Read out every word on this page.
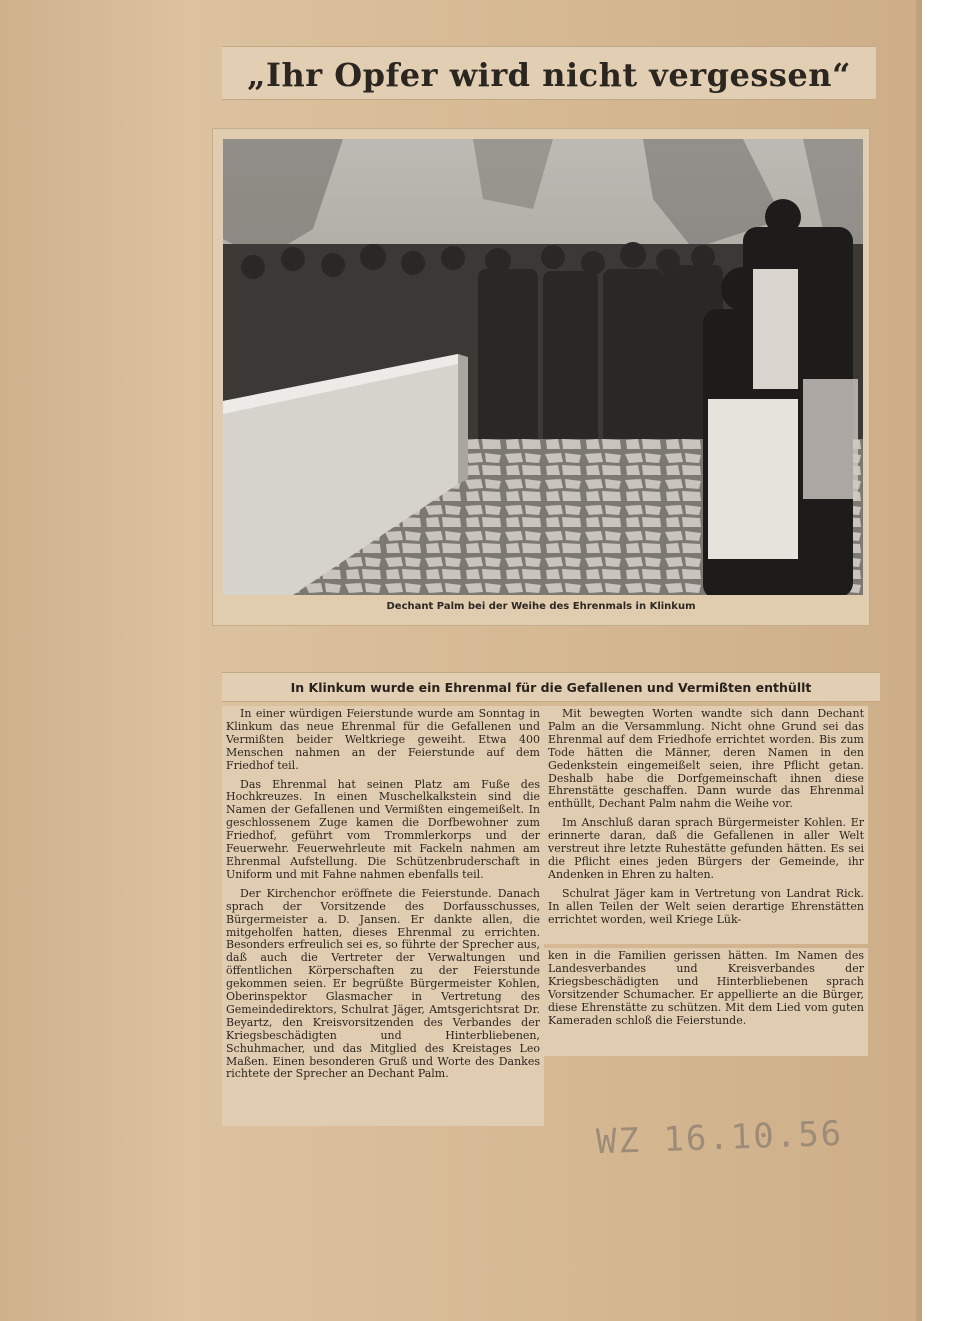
„Ihr Opfer wird nicht vergessen“
Dechant Palm bei der Weihe des Ehrenmals in Klinkum
In Klinkum wurde ein Ehrenmal für die Gefallenen und Vermißten enthüllt

In einer würdigen Feierstunde wurde am Sonntag in Klinkum das neue Ehrenmal für die Gefallenen und Vermißten beider Weltkriege geweiht. Etwa 400 Menschen nahmen an der Feierstunde auf dem Friedhof teil.

Das Ehrenmal hat seinen Platz am Fuße des Hochkreuzes. In einen Muschelkalkstein sind die Namen der Gefallenen und Vermißten eingemeißelt. In geschlossenem Zuge kamen die Dorfbewohner zum Friedhof, geführt vom Trommlerkorps und der Feuerwehr. Feuerwehrleute mit Fackeln nahmen am Ehrenmal Aufstellung. Die Schützenbruderschaft in Uniform und mit Fahne nahmen ebenfalls teil.

Der Kirchenchor eröffnete die Feierstunde. Danach sprach der Vorsitzende des Dorfausschusses, Bürgermeister a. D. Jansen. Er dankte allen, die mitgeholfen hatten, dieses Ehrenmal zu errichten. Besonders erfreulich sei es, so führte der Sprecher aus, daß auch die Vertreter der Verwaltungen und öffentlichen Körperschaften zu der Feierstunde gekommen seien. Er begrüßte Bürgermeister Kohlen, Oberinspektor Glasmacher in Vertretung des Gemeindedirektors, Schulrat Jäger, Amtsgerichtsrat Dr. Beyartz, den Kreisvorsitzenden des Verbandes der Kriegsbeschädigten und Hinterbliebenen, Schuhmacher, und das Mitglied des Kreistages Leo Maßen. Einen besonderen Gruß und Worte des Dankes richtete der Sprecher an Dechant Palm.

Mit bewegten Worten wandte sich dann Dechant Palm an die Versammlung. Nicht ohne Grund sei das Ehrenmal auf dem Friedhofe errichtet worden. Bis zum Tode hätten die Männer, deren Namen in den Gedenkstein eingemeißelt seien, ihre Pflicht getan. Deshalb habe die Dorfgemeinschaft ihnen diese Ehrenstätte geschaffen. Dann wurde das Ehrenmal enthüllt, Dechant Palm nahm die Weihe vor.

Im Anschluß daran sprach Bürgermeister Kohlen. Er erinnerte daran, daß die Gefallenen in aller Welt verstreut ihre letzte Ruhestätte gefunden hätten. Es sei die Pflicht eines jeden Bürgers der Gemeinde, ihr Andenken in Ehren zu halten.

Schulrat Jäger kam in Vertretung von Landrat Rick. In allen Teilen der Welt seien derartige Ehrenstätten errichtet worden, weil Kriege Lük-

ken in die Familien gerissen hätten. Im Namen des Landesverbandes und Kreisverbandes der Kriegsbeschädigten und Hinterbliebenen sprach Vorsitzender Schumacher. Er appellierte an die Bürger, diese Ehrenstätte zu schützen. Mit dem Lied vom guten Kameraden schloß die Feierstunde.

WZ 16.10.56
